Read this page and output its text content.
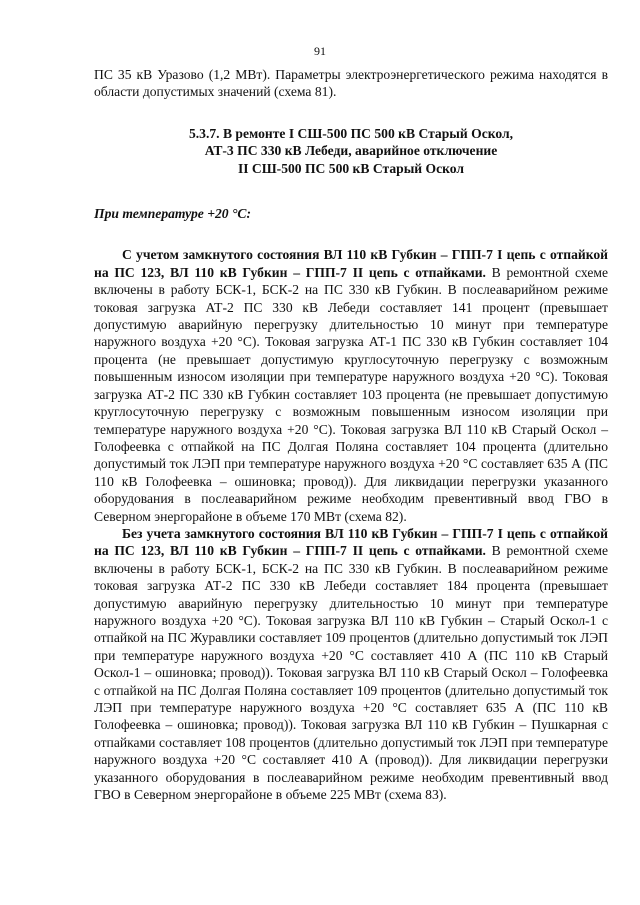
91

ПС 35 кВ Уразово (1,2 МВт). Параметры электроэнергетического режима находятся в области допустимых значений (схема 81).

5.3.7. В ремонте I СШ-500 ПС 500 кВ Старый Оскол,
АТ-3 ПС 330 кВ Лебеди, аварийное отключение
II СШ-500 ПС 500 кВ Старый Оскол

При температуре +20 °С:

С учетом замкнутого состояния ВЛ 110 кВ Губкин – ГПП-7 I цепь с отпайкой на ПС 123, ВЛ 110 кВ Губкин – ГПП-7 II цепь с отпайками. В ремонтной схеме включены в работу БСК-1, БСК-2 на ПС 330 кВ Губкин. В послеаварийном режиме токовая загрузка АТ-2 ПС 330 кВ Лебеди составляет 141 процент (превышает допустимую аварийную перегрузку длительностью 10 минут при температуре наружного воздуха +20 °С). Токовая загрузка АТ-1 ПС 330 кВ Губкин составляет 104 процента (не превышает допустимую круглосуточную перегрузку с возможным повышенным износом изоляции при температуре наружного воздуха +20 °С). Токовая загрузка АТ-2 ПС 330 кВ Губкин составляет 103 процента (не превышает допустимую круглосуточную перегрузку с возможным повышенным износом изоляции при температуре наружного воздуха +20 °С). Токовая загрузка ВЛ 110 кВ Старый Оскол – Голофеевка с отпайкой на ПС Долгая Поляна составляет 104 процента (длительно допустимый ток ЛЭП при температуре наружного воздуха +20 °С составляет 635 А (ПС 110 кВ Голофеевка – ошиновка; провод)). Для ликвидации перегрузки указанного оборудования в послеаварийном режиме необходим превентивный ввод ГВО в Северном энергорайоне в объеме 170 МВт (схема 82).

Без учета замкнутого состояния ВЛ 110 кВ Губкин – ГПП-7 I цепь с отпайкой на ПС 123, ВЛ 110 кВ Губкин – ГПП-7 II цепь с отпайками. В ремонтной схеме включены в работу БСК-1, БСК-2 на ПС 330 кВ Губкин. В послеаварийном режиме токовая загрузка АТ-2 ПС 330 кВ Лебеди составляет 184 процента (превышает допустимую аварийную перегрузку длительностью 10 минут при температуре наружного воздуха +20 °С). Токовая загрузка ВЛ 110 кВ Губкин – Старый Оскол-1 с отпайкой на ПС Журавлики составляет 109 процентов (длительно допустимый ток ЛЭП при температуре наружного воздуха +20 °С составляет 410 А (ПС 110 кВ Старый Оскол-1 – ошиновка; провод)). Токовая загрузка ВЛ 110 кВ Старый Оскол – Голофеевка с отпайкой на ПС Долгая Поляна составляет 109 процентов (длительно допустимый ток ЛЭП при температуре наружного воздуха +20 °С составляет 635 А (ПС 110 кВ Голофеевка – ошиновка; провод)). Токовая загрузка ВЛ 110 кВ Губкин – Пушкарная с отпайками составляет 108 процентов (длительно допустимый ток ЛЭП при температуре наружного воздуха +20 °С составляет 410 А (провод)). Для ликвидации перегрузки указанного оборудования в послеаварийном режиме необходим превентивный ввод ГВО в Северном энергорайоне в объеме 225 МВт (схема 83).
